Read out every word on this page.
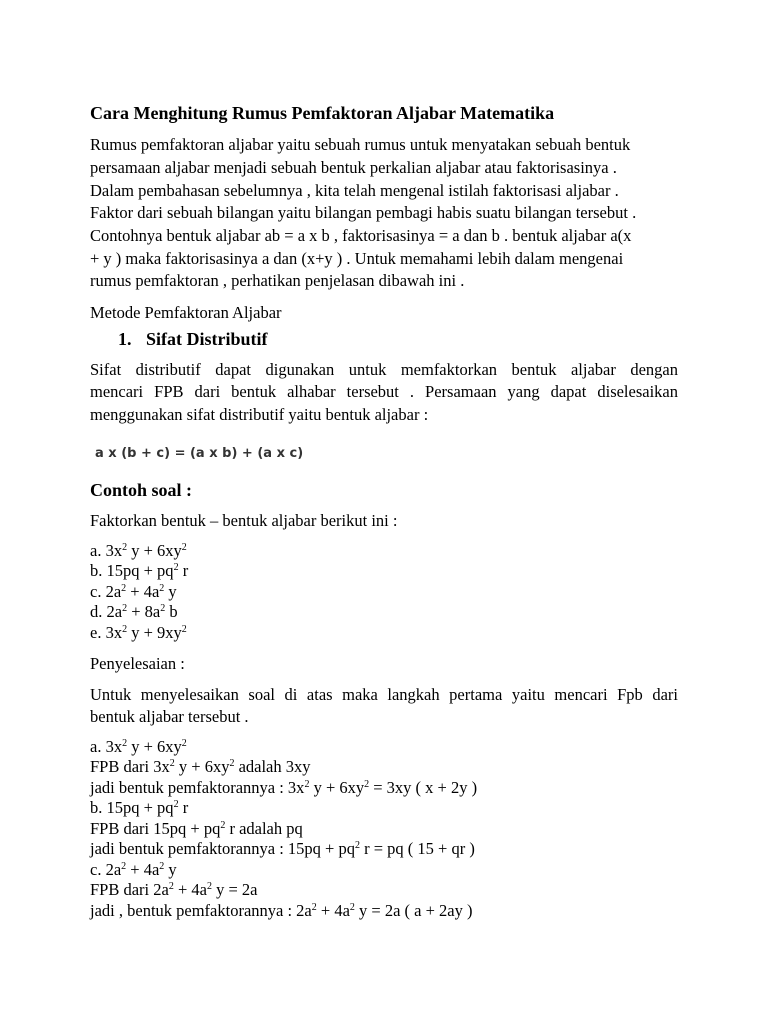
Cara Menghitung Rumus Pemfaktoran Aljabar Matematika
Rumus pemfaktoran aljabar yaitu sebuah rumus untuk menyatakan sebuah bentuk
persamaan aljabar menjadi sebuah bentuk perkalian aljabar atau faktorisasinya .
Dalam pembahasan sebelumnya , kita telah mengenal istilah faktorisasi aljabar .
Faktor dari sebuah bilangan yaitu bilangan pembagi habis suatu bilangan tersebut .
Contohnya bentuk aljabar ab = a x b , faktorisasinya = a dan b . bentuk aljabar a(x
+ y ) maka faktorisasinya a dan (x+y ) . Untuk memahami lebih dalam mengenai
rumus pemfaktoran , perhatikan penjelasan dibawah ini .
Metode Pemfaktoran Aljabar
1. Sifat Distributif
Sifat distributif dapat digunakan untuk memfaktorkan bentuk aljabar dengan
mencari FPB dari bentuk alhabar tersebut . Persamaan yang dapat diselesaikan
menggunakan sifat distributif yaitu bentuk aljabar :
a x (b + c) = (a x b) + (a x c)
Contoh soal :
Faktorkan bentuk – bentuk aljabar berikut ini :
a. $3x^2$ $y + 6xy^2$
b. $15pq + pq^2$ r
c. $2a^2 + 4a^2$ y
d. $2a^2 + 8a^2$ b
e. $3x^2$ $y + 9xy^2$
Penyelesaian :
Untuk menyelesaikan soal di atas maka langkah pertama yaitu mencari Fpb dari
bentuk aljabar tersebut .
a. $3x^2$ $y + 6xy^2$
FPB dari $3x^2$ $y + 6xy^2$ adalah 3xy
jadi bentuk pemfaktorannya : $3x^2$ $y + 6xy^2 = 3xy$ ( x + 2y )
b. $15pq + pq^2$ r
FPB dari $15pq + pq^2$ r adalah pq
jadi bentuk pemfaktorannya : $15pq + pq^2$ r = pq ( 15 + qr )
c. $2a^2 + 4a^2$ y
FPB dari $2a^2 + 4a^2$ y = 2a
jadi , bentuk pemfaktorannya : $2a^2 + 4a^2$ y = 2a ( a + 2ay )
